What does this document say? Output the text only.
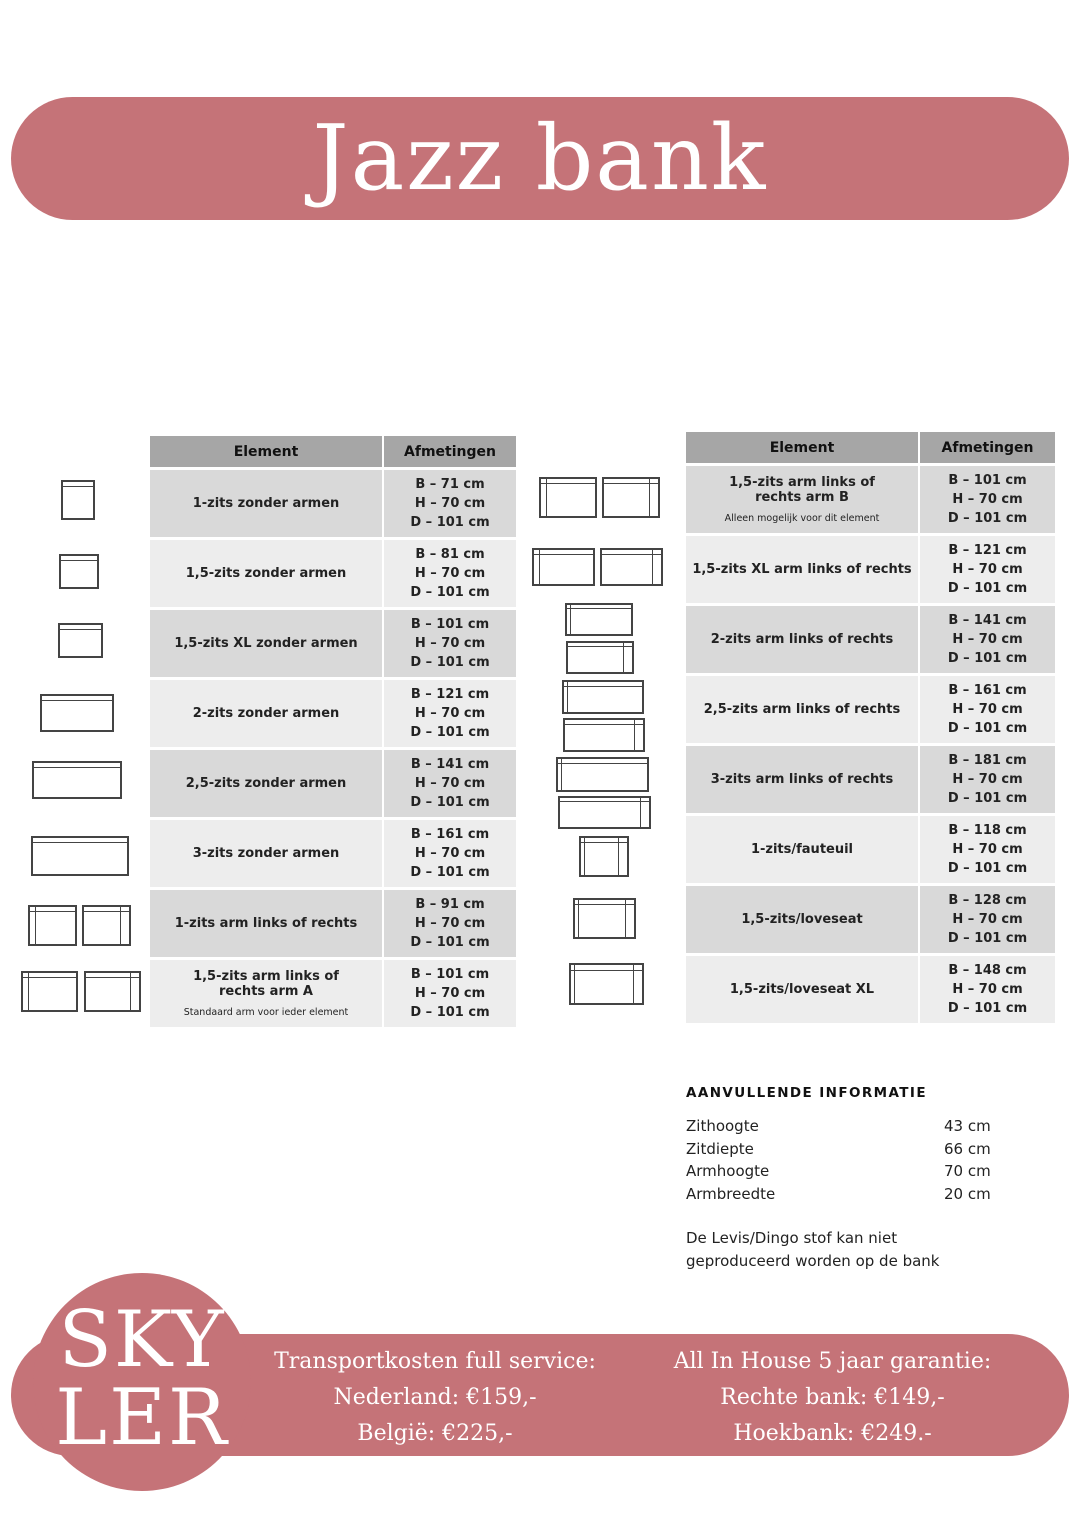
Jazz bank
Element	Afmetingen
1-zits zonder armen	B – 71 cm
H – 70 cm
D – 101 cm

1,5-zits zonder armen	B – 81 cm
H – 70 cm
D – 101 cm

1,5-zits XL zonder armen	B – 101 cm
H – 70 cm
D – 101 cm

2-zits zonder armen	B – 121 cm
H – 70 cm
D – 101 cm

2,5-zits zonder armen	B – 141 cm
H – 70 cm
D – 101 cm

3-zits zonder armen	B – 161 cm
H – 70 cm
D – 101 cm

1-zits arm links of rechts	B – 91 cm
H – 70 cm
D – 101 cm

1,5-zits arm links of rechts arm A
Standaard arm voor ieder element	B – 101 cm
H – 70 cm
D – 101 cm
Element	Afmetingen

1,5-zits arm links of rechts arm B
Alleen mogelijk voor dit element	B – 101 cm
H – 70 cm
D – 101 cm

1,5-zits XL arm links of rechts	B – 121 cm
H – 70 cm
D – 101 cm

2-zits arm links of rechts	B – 141 cm
H – 70 cm
D – 101 cm

2,5-zits arm links of rechts	B – 161 cm
H – 70 cm
D – 101 cm

3-zits arm links of rechts	B – 181 cm
H – 70 cm
D – 101 cm

1-zits/fauteuil	B – 118 cm
H – 70 cm
D – 101 cm

1,5-zits/loveseat	B – 128 cm
H – 70 cm
D – 101 cm

1,5-zits/loveseat XL	B – 148 cm
H – 70 cm
D – 101 cm
AANVULLENDE INFORMATIE
Zithoogte	43 cm
Zitdiepte	66 cm
Armhoogte	70 cm
Armbreedte	20 cm

De Levis/Dingo stof kan niet geproduceerd worden op de bank

SKY
LER
Transportkosten full service:
Nederland: €159,-
België: €225,-
All In House 5 jaar garantie:
Rechte bank: €149,-
Hoekbank: €249.-
